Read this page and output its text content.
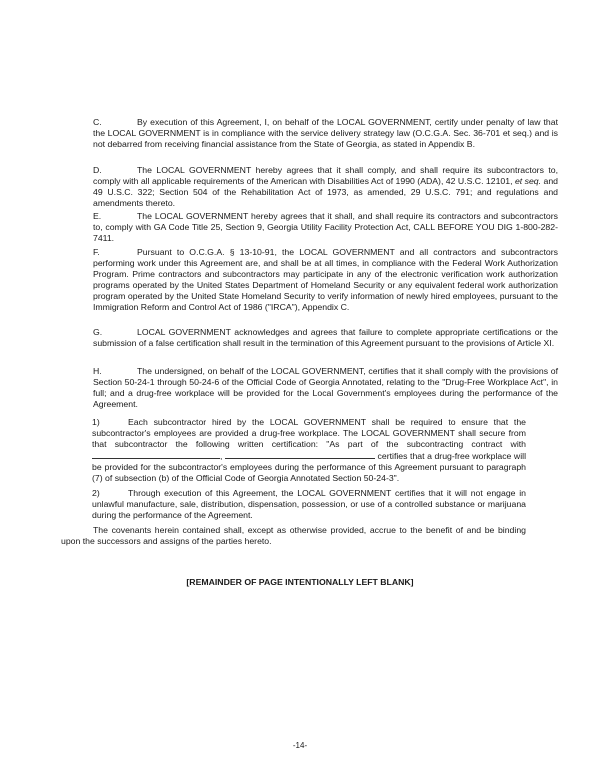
C.	By execution of this Agreement, I, on behalf of the LOCAL GOVERNMENT, certify under penalty of law that the LOCAL GOVERNMENT is in compliance with the service delivery strategy law (O.C.G.A. Sec. 36-701 et seq.) and is not debarred from receiving financial assistance from the State of Georgia, as stated in Appendix B.

D.	The LOCAL GOVERNMENT hereby agrees that it shall comply, and shall require its subcontractors to, comply with all applicable requirements of the American with Disabilities Act of 1990 (ADA), 42 U.S.C. 12101, et seq. and 49 U.S.C. 322; Section 504 of the Rehabilitation Act of 1973, as amended, 29 U.S.C. 791; and regulations and amendments thereto.

E.	The LOCAL GOVERNMENT hereby agrees that it shall, and shall require its contractors and subcontractors to, comply with GA Code Title 25, Section 9, Georgia Utility Facility Protection Act, CALL BEFORE YOU DIG 1-800-282-7411.

F.	Pursuant to O.C.G.A. § 13-10-91, the LOCAL GOVERNMENT and all contractors and subcontractors performing work under this Agreement are, and shall be at all times, in compliance with the Federal Work Authorization Program. Prime contractors and subcontractors may participate in any of the electronic verification work authorization programs operated by the United States Department of Homeland Security or any equivalent federal work authorization program operated by the United State Homeland Security to verify information of newly hired employees, pursuant to the Immigration Reform and Control Act of 1986 ("IRCA"), Appendix C.

G.	LOCAL GOVERNMENT acknowledges and agrees that failure to complete appropriate certifications or the submission of a false certification shall result in the termination of this Agreement pursuant to the provisions of Article XI.

H.	The undersigned, on behalf of the LOCAL GOVERNMENT, certifies that it shall comply with the provisions of Section 50-24-1 through 50-24-6 of the Official Code of Georgia Annotated, relating to the "Drug-Free Workplace Act", in full; and a drug-free workplace will be provided for the Local Government's employees during the performance of the Agreement.

1)	Each subcontractor hired by the LOCAL GOVERNMENT shall be required to ensure that the subcontractor's employees are provided a drug-free workplace. The LOCAL GOVERNMENT shall secure from that subcontractor the following written certification: "As part of the subcontracting contract with ,	certifies that a drug-free workplace will be provided for the subcontractor's employees during the performance of this Agreement pursuant to paragraph (7) of subsection (b) of the Official Code of Georgia Annotated Section 50-24-3".

2)	Through execution of this Agreement, the LOCAL GOVERNMENT certifies that it will not engage in unlawful manufacture, sale, distribution, dispensation, possession, or use of a controlled substance or marijuana during the performance of the Agreement.

The covenants herein contained shall, except as otherwise provided, accrue to the benefit of and be binding upon the successors and assigns of the parties hereto.

[REMAINDER OF PAGE INTENTIONALLY LEFT BLANK]
-14-
